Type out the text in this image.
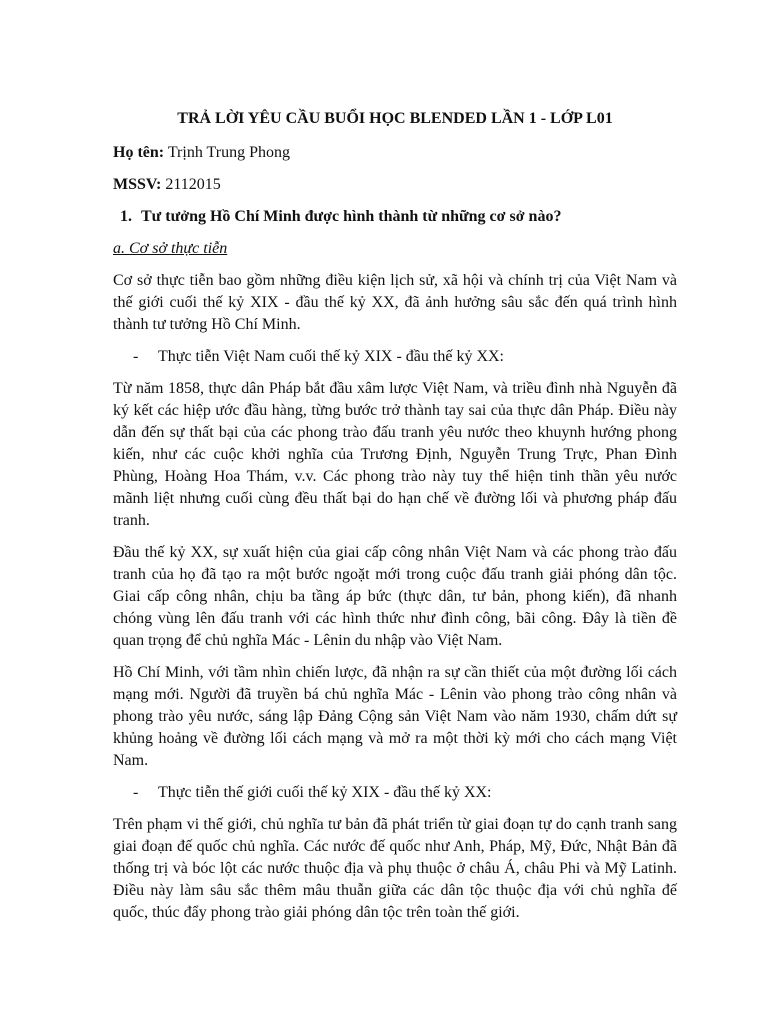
TRẢ LỜI YÊU CẦU BUỔI HỌC BLENDED LẦN 1 - LỚP L01
Họ tên: Trịnh Trung Phong
MSSV: 2112015
1. Tư tưởng Hồ Chí Minh được hình thành từ những cơ sở nào?
a. Cơ sở thực tiễn
Cơ sở thực tiễn bao gồm những điều kiện lịch sử, xã hội và chính trị của Việt Nam và thế giới cuối thế kỷ XIX - đầu thế kỷ XX, đã ảnh hưởng sâu sắc đến quá trình hình thành tư tưởng Hồ Chí Minh.
- Thực tiễn Việt Nam cuối thế kỷ XIX - đầu thế kỷ XX:
Từ năm 1858, thực dân Pháp bắt đầu xâm lược Việt Nam, và triều đình nhà Nguyễn đã ký kết các hiệp ước đầu hàng, từng bước trở thành tay sai của thực dân Pháp. Điều này dẫn đến sự thất bại của các phong trào đấu tranh yêu nước theo khuynh hướng phong kiến, như các cuộc khởi nghĩa của Trương Định, Nguyễn Trung Trực, Phan Đình Phùng, Hoàng Hoa Thám, v.v. Các phong trào này tuy thể hiện tinh thần yêu nước mãnh liệt nhưng cuối cùng đều thất bại do hạn chế về đường lối và phương pháp đấu tranh.
Đầu thế kỷ XX, sự xuất hiện của giai cấp công nhân Việt Nam và các phong trào đấu tranh của họ đã tạo ra một bước ngoặt mới trong cuộc đấu tranh giải phóng dân tộc. Giai cấp công nhân, chịu ba tầng áp bức (thực dân, tư bản, phong kiến), đã nhanh chóng vùng lên đấu tranh với các hình thức như đình công, bãi công. Đây là tiền đề quan trọng để chủ nghĩa Mác - Lênin du nhập vào Việt Nam.
Hồ Chí Minh, với tầm nhìn chiến lược, đã nhận ra sự cần thiết của một đường lối cách mạng mới. Người đã truyền bá chủ nghĩa Mác - Lênin vào phong trào công nhân và phong trào yêu nước, sáng lập Đảng Cộng sản Việt Nam vào năm 1930, chấm dứt sự khủng hoảng về đường lối cách mạng và mở ra một thời kỳ mới cho cách mạng Việt Nam.
- Thực tiễn thế giới cuối thế kỷ XIX - đầu thế kỷ XX:
Trên phạm vi thế giới, chủ nghĩa tư bản đã phát triển từ giai đoạn tự do cạnh tranh sang giai đoạn đế quốc chủ nghĩa. Các nước đế quốc như Anh, Pháp, Mỹ, Đức, Nhật Bản đã thống trị và bóc lột các nước thuộc địa và phụ thuộc ở châu Á, châu Phi và Mỹ Latinh. Điều này làm sâu sắc thêm mâu thuẫn giữa các dân tộc thuộc địa với chủ nghĩa đế quốc, thúc đẩy phong trào giải phóng dân tộc trên toàn thế giới.
